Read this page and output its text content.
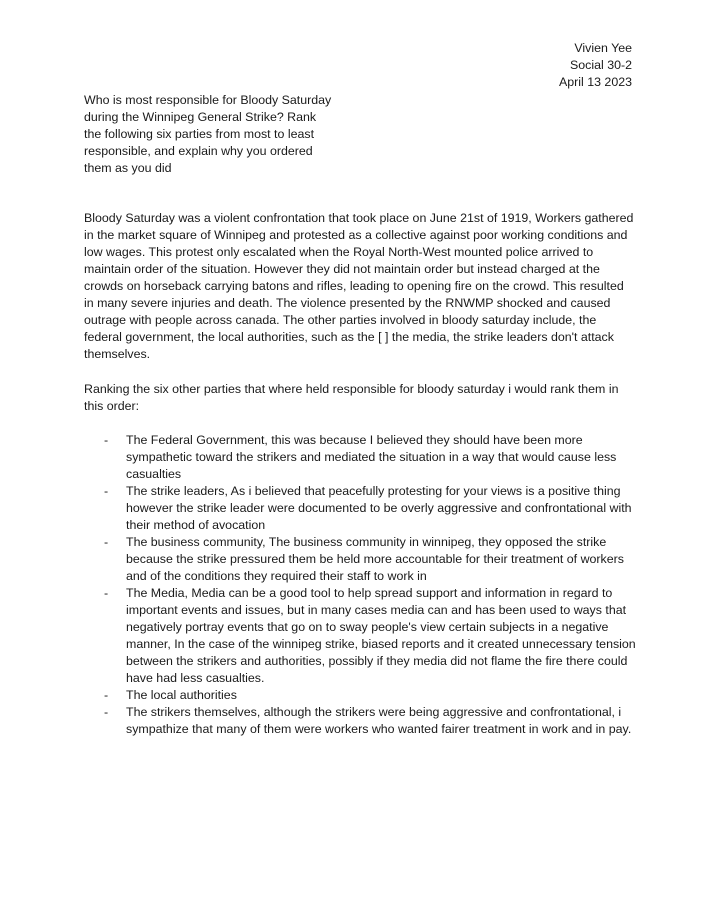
Vivien Yee
Social 30-2
April 13 2023
Who is most responsible for Bloody Saturday
during the Winnipeg General Strike? Rank
the following six parties from most to least
responsible, and explain why you ordered
them as you did

Bloody Saturday was a violent confrontation that took place on June 21st of 1919, Workers gathered in the market square of Winnipeg and protested as a collective against poor working conditions and low wages. This protest only escalated when the Royal North-West mounted police arrived to maintain order of the situation. However they did not maintain order but instead charged at the crowds on horseback carrying batons and rifles, leading to opening fire on the crowd. This resulted in many severe injuries and death. The violence presented by the RNWMP shocked and caused outrage with people across canada. The other parties involved in bloody saturday include, the federal government, the local authorities, such as the [ ] the media, the strike leaders don't attack themselves.

Ranking the six other parties that where held responsible for bloody saturday i would rank them in this order:

- The Federal Government, this was because I believed they should have been more sympathetic toward the strikers and mediated the situation in a way that would cause less casualties
- The strike leaders, As i believed that peacefully protesting for your views is a positive thing however the strike leader were documented to be overly aggressive and confrontational with their method of avocation
- The business community, The business community in winnipeg, they opposed the strike because the strike pressured them be held more accountable for their treatment of workers and of the conditions they required their staff to work in
- The Media, Media can be a good tool to help spread support and information in regard to important events and issues, but in many cases media can and has been used to ways that negatively portray events that go on to sway people's view certain subjects in a negative manner, In the case of the winnipeg strike, biased reports and it created unnecessary tension between the strikers and authorities, possibly if they media did not flame the fire there could have had less casualties.
- The local authorities
- The strikers themselves, although the strikers were being aggressive and confrontational, i sympathize that many of them were workers who wanted fairer treatment in work and in pay.
